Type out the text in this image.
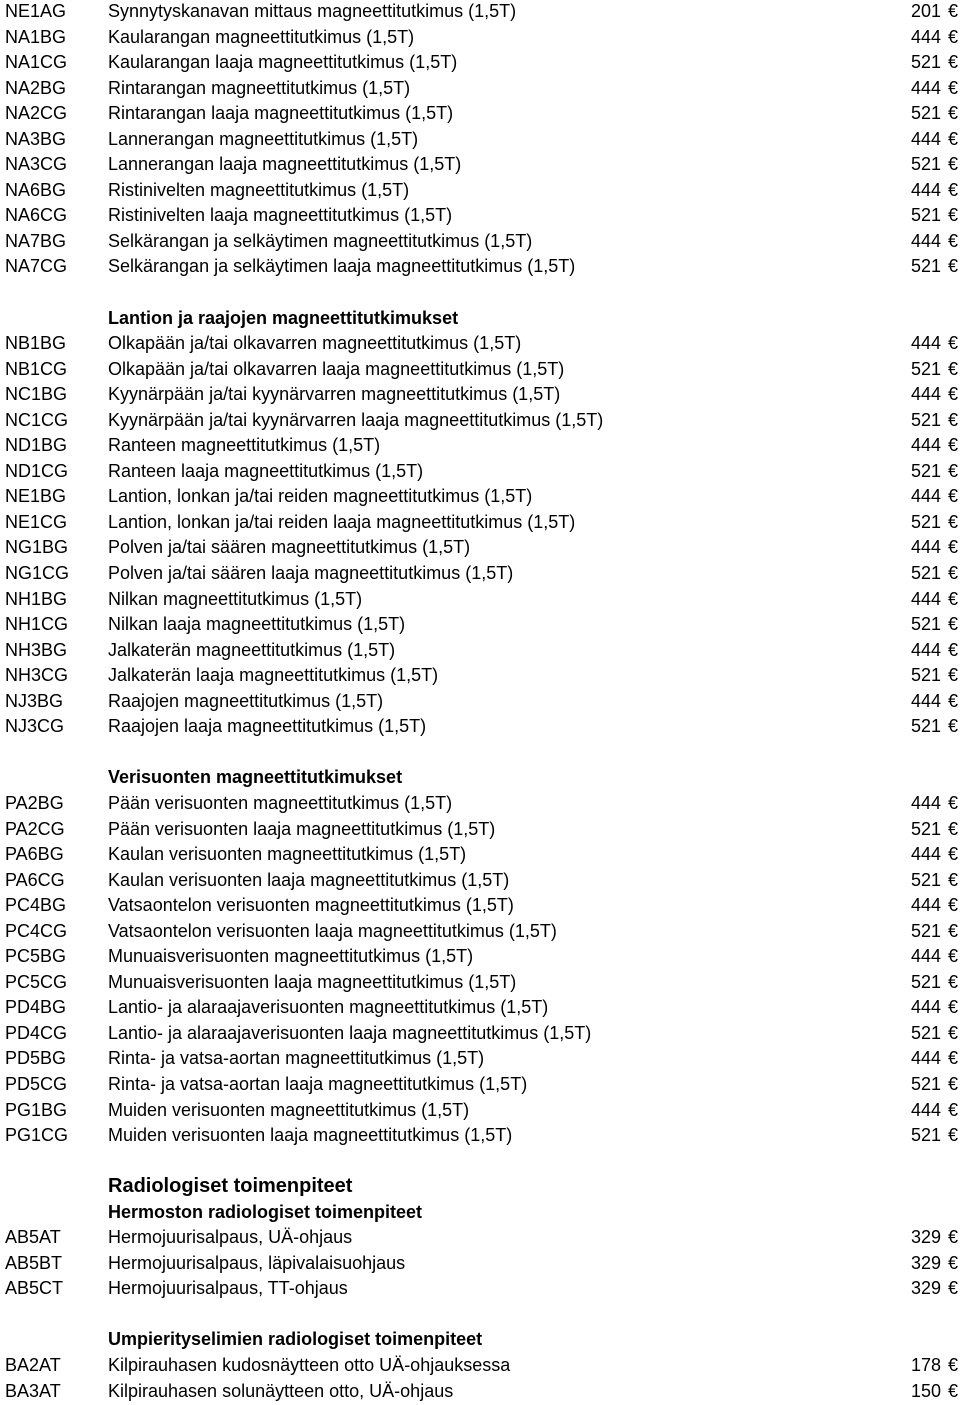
NE1AG Synnytyskanavan mittaus magneettitutkimus (1,5T)	201 €
NA1BG Kaularangan magneettitutkimus (1,5T)	444 €
NA1CG Kaularangan laaja magneettitutkimus (1,5T)	521 €
NA2BG Rintarangan magneettitutkimus (1,5T)	444 €
NA2CG Rintarangan laaja magneettitutkimus (1,5T)	521 €
NA3BG Lannerangan magneettitutkimus (1,5T)	444 €
NA3CG Lannerangan laaja magneettitutkimus (1,5T)	521 €
NA6BG Ristinivelten magneettitutkimus (1,5T)	444 €
NA6CG Ristinivelten laaja magneettitutkimus (1,5T)	521 €
NA7BG Selkärangan ja selkäytimen magneettitutkimus (1,5T)	444 €
NA7CG Selkärangan ja selkäytimen laaja magneettitutkimus (1,5T)	521 €
Lantion ja raajojen magneettitutkimukset
NB1BG Olkapään ja/tai olkavarren magneettitutkimus (1,5T)	444 €
NB1CG Olkapään ja/tai olkavarren laaja magneettitutkimus (1,5T)	521 €
NC1BG Kyynärpään ja/tai kyynärvarren magneettitutkimus (1,5T)	444 €
NC1CG Kyynärpään ja/tai kyynärvarren laaja magneettitutkimus (1,5T)	521 €
ND1BG Ranteen magneettitutkimus (1,5T)	444 €
ND1CG Ranteen laaja magneettitutkimus (1,5T)	521 €
NE1BG Lantion, lonkan ja/tai reiden magneettitutkimus (1,5T)	444 €
NE1CG Lantion, lonkan ja/tai reiden laaja magneettitutkimus (1,5T)	521 €
NG1BG Polven ja/tai säären magneettitutkimus (1,5T)	444 €
NG1CG Polven ja/tai säären laaja magneettitutkimus (1,5T)	521 €
NH1BG Nilkan magneettitutkimus (1,5T)	444 €
NH1CG Nilkan laaja magneettitutkimus (1,5T)	521 €
NH3BG Jalkaterän magneettitutkimus (1,5T)	444 €
NH3CG Jalkaterän laaja magneettitutkimus (1,5T)	521 €
NJ3BG Raajojen magneettitutkimus (1,5T)	444 €
NJ3CG Raajojen laaja magneettitutkimus (1,5T)	521 €
Verisuonten magneettitutkimukset
PA2BG Pään verisuonten magneettitutkimus (1,5T)	444 €
PA2CG Pään verisuonten laaja magneettitutkimus (1,5T)	521 €
PA6BG Kaulan verisuonten magneettitutkimus (1,5T)	444 €
PA6CG Kaulan verisuonten laaja magneettitutkimus (1,5T)	521 €
PC4BG Vatsaontelon verisuonten magneettitutkimus (1,5T)	444 €
PC4CG Vatsaontelon verisuonten laaja magneettitutkimus (1,5T)	521 €
PC5BG Munuaisverisuonten magneettitutkimus (1,5T)	444 €
PC5CG Munuaisverisuonten laaja magneettitutkimus (1,5T)	521 €
PD4BG Lantio- ja alaraajaverisuonten magneettitutkimus (1,5T)	444 €
PD4CG Lantio- ja alaraajaverisuonten laaja magneettitutkimus (1,5T)	521 €
PD5BG Rinta- ja vatsa-aortan magneettitutkimus (1,5T)	444 €
PD5CG Rinta- ja vatsa-aortan laaja magneettitutkimus (1,5T)	521 €
PG1BG Muiden verisuonten magneettitutkimus (1,5T)	444 €
PG1CG Muiden verisuonten laaja magneettitutkimus (1,5T)	521 €
Radiologiset toimenpiteet
Hermoston radiologiset toimenpiteet
AB5AT	Hermojuurisalpaus, UÄ-ohjaus	329 €
AB5BT	Hermojuurisalpaus, läpivalaisuohjaus	329 €
AB5CT Hermojuurisalpaus, TT-ohjaus	329 €
Umpierityselimien radiologiset toimenpiteet
BA2AT	Kilpirauhasen kudosnäytteen otto UÄ-ohjauksessa	178 €
BA3AT	Kilpirauhasen solunäytteen otto, UÄ-ohjaus	150 €
